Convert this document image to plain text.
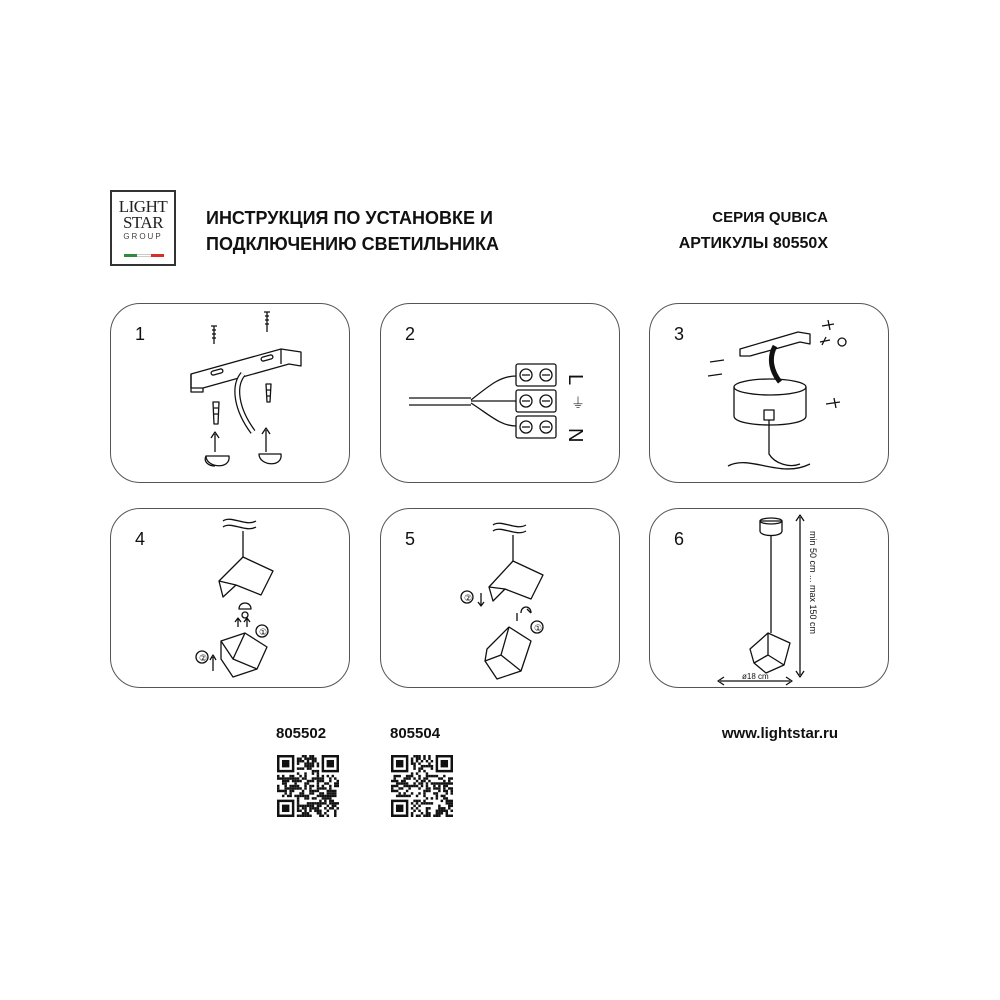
LIGHT
STAR
GROUP
ИНСТРУКЦИЯ ПО УСТАНОВКЕ И
ПОДКЛЮЧЕНИЮ СВЕТИЛЬНИКА
СЕРИЯ QUBICA
АРТИКУЛЫ 80550X
1	2
L
⏚
N
3
4
①
②
5
②
①
6	min 50 cm ... max 150 cm
ø18 cm
805502	805504	www.lightstar.ru
